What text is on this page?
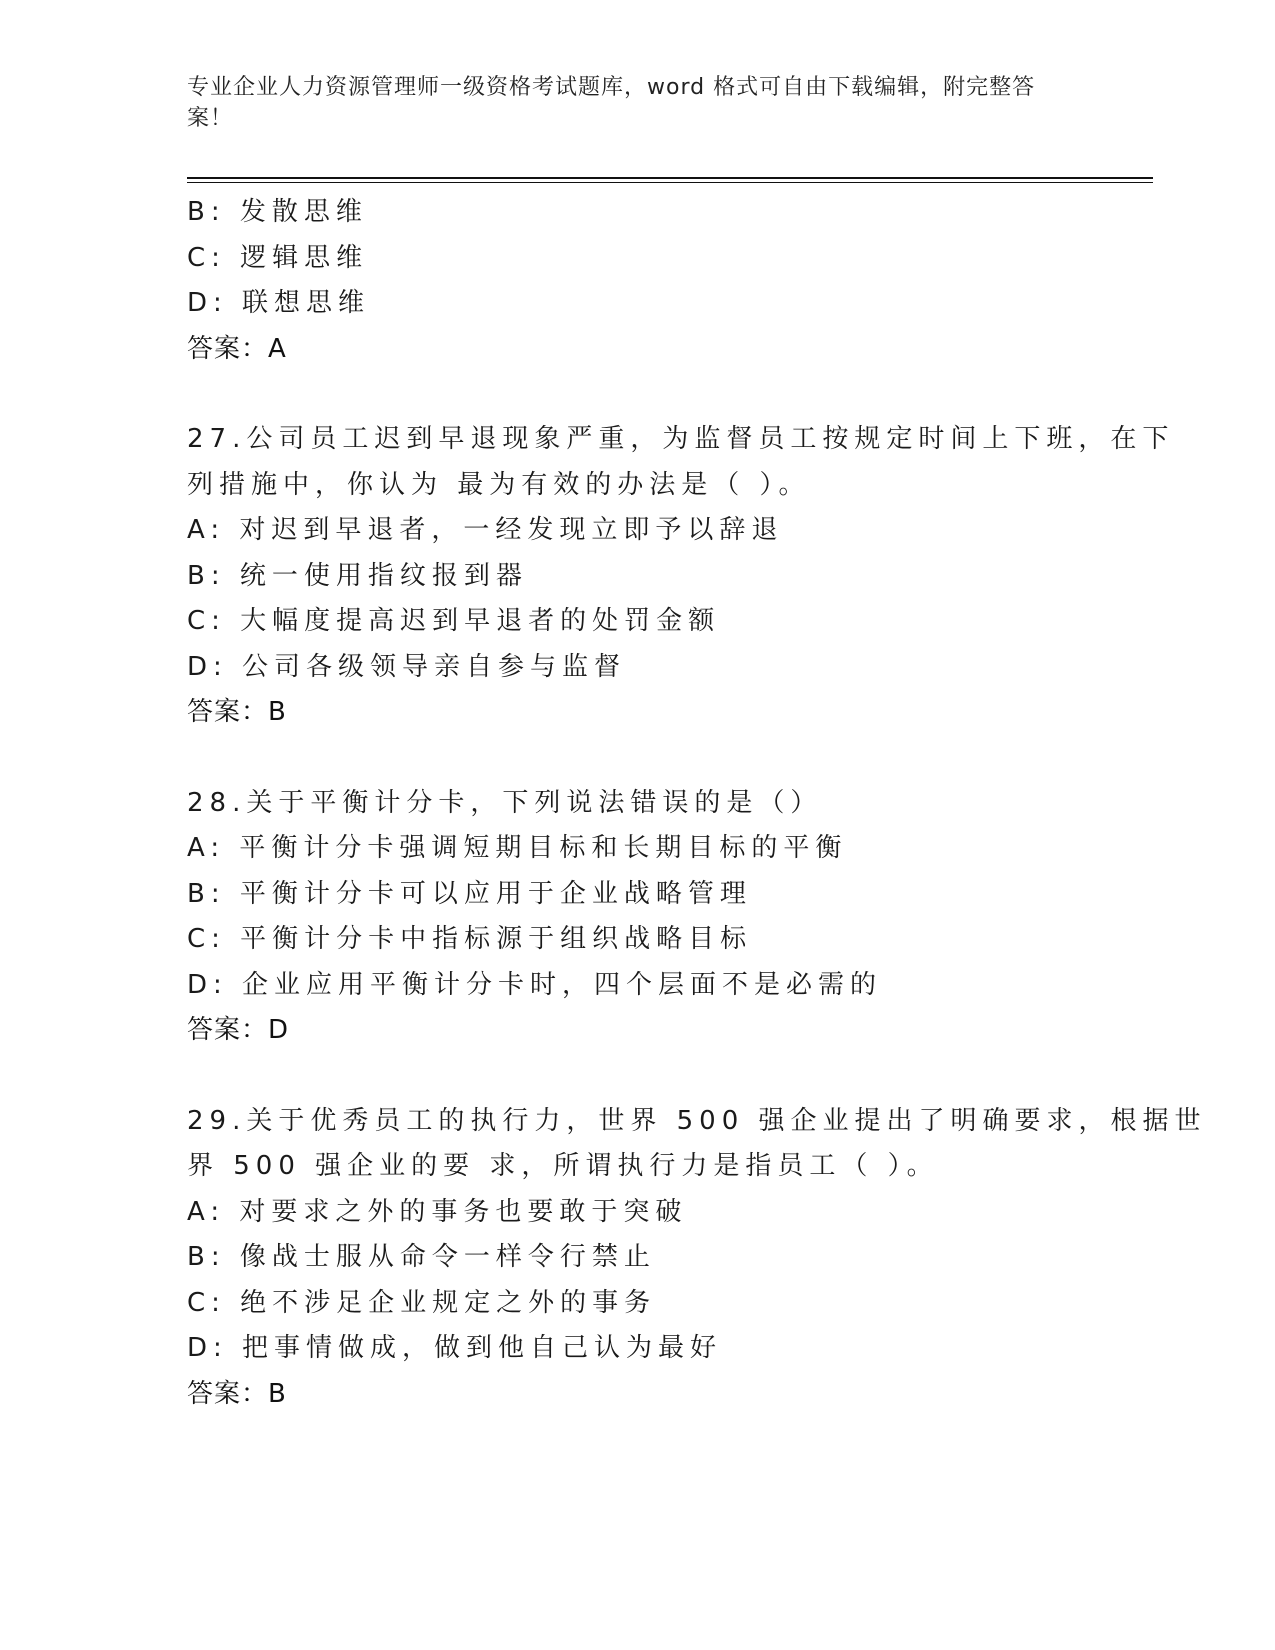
专业企业人力资源管理师一级资格考试题库，word 格式可自由下载编辑，附完整答案！
B: 发散思维
C: 逻辑思维
D: 联想思维
答案：A
27.公司员工迟到早退现象严重，为监督员工按规定时间上下班，在下
列措施中，你认为 最为有效的办法是（ ）。
A: 对迟到早退者，一经发现立即予以辞退
B: 统一使用指纹报到器
C: 大幅度提高迟到早退者的处罚金额
D: 公司各级领导亲自参与监督
答案：B
28.关于平衡计分卡，下列说法错误的是（）
A: 平衡计分卡强调短期目标和长期目标的平衡
B: 平衡计分卡可以应用于企业战略管理
C: 平衡计分卡中指标源于组织战略目标
D: 企业应用平衡计分卡时，四个层面不是必需的
答案：D
29.关于优秀员工的执行力，世界 500 强企业提出了明确要求，根据世
界 500 强企业的要 求，所谓执行力是指员工（ ）。
A: 对要求之外的事务也要敢于突破
B: 像战士服从命令一样令行禁止
C: 绝不涉足企业规定之外的事务
D: 把事情做成，做到他自己认为最好
答案：B
